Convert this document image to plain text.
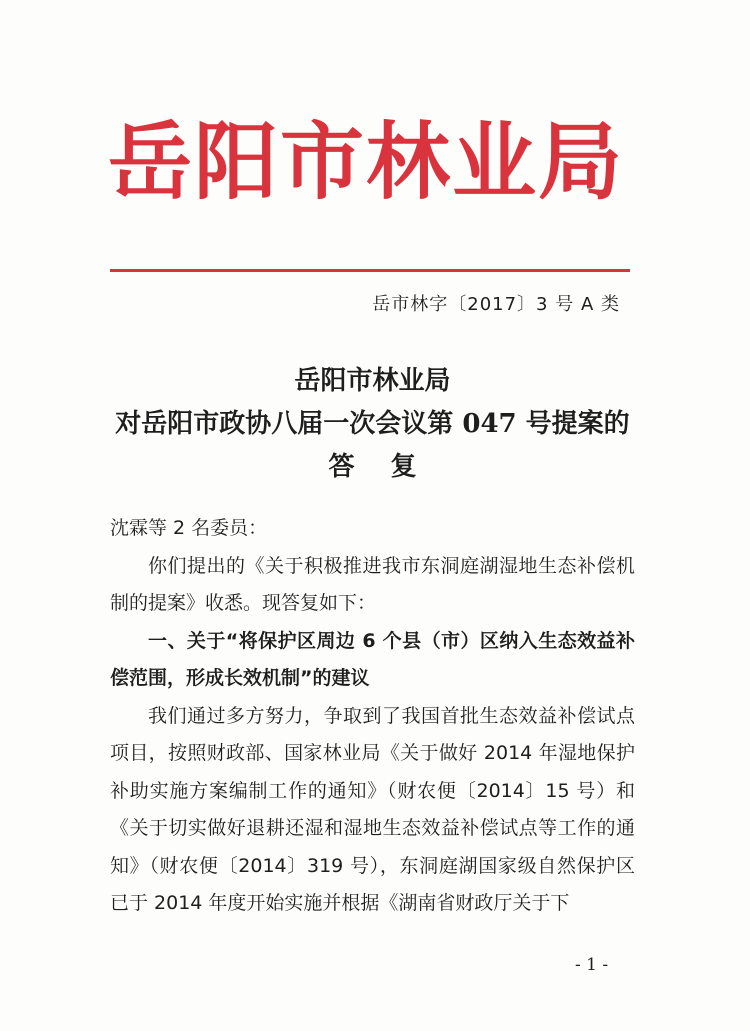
岳阳市林业局
岳市林字〔2017〕3 号 A 类
岳阳市林业局
对岳阳市政协八届一次会议第 047 号提案的
答复

沈霖等 2 名委员：

你们提出的《关于积极推进我市东洞庭湖湿地生态补偿机制的提案》收悉。现答复如下：

一、关于“将保护区周边 6 个县（市）区纳入生态效益补偿范围，形成长效机制”的建议

我们通过多方努力，争取到了我国首批生态效益补偿试点项目，按照财政部、国家林业局《关于做好 2014 年湿地保护补助实施方案编制工作的通知》（财农便〔2014〕15 号）和《关于切实做好退耕还湿和湿地生态效益补偿试点等工作的通知》（财农便〔2014〕319 号），东洞庭湖国家级自然保护区已于 2014 年度开始实施并根据《湖南省财政厅关于下

- 1 -
